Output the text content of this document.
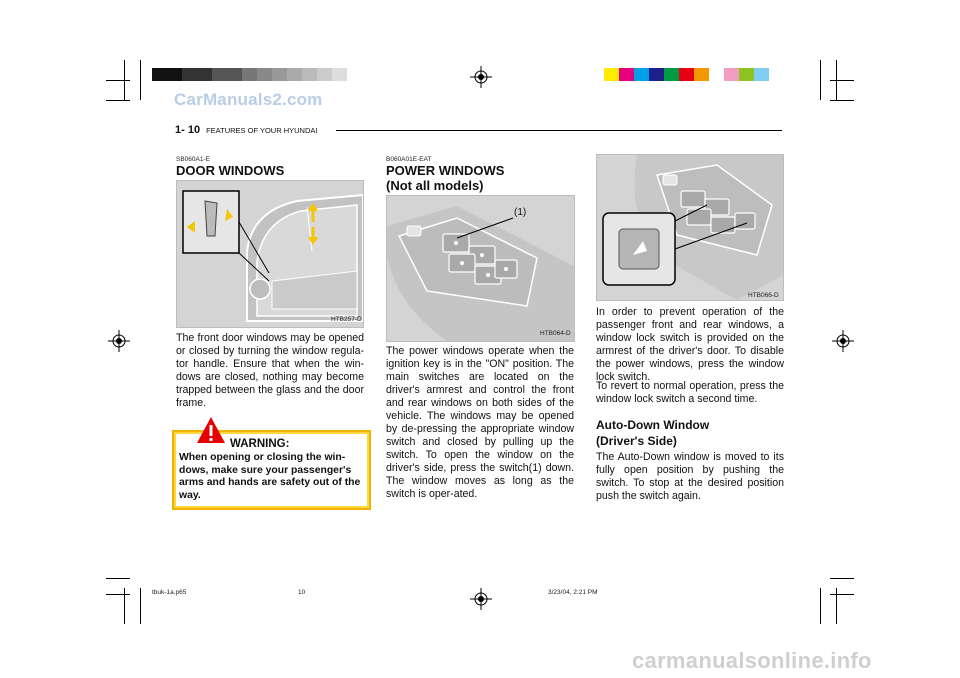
CarManuals2.com
carmanualsonline.info
1- 10 FEATURES OF YOUR HYUNDAI
SB060A1-E
DOOR WINDOWS
HTB257-D
The front door windows may be opened or closed by turning the window regula-tor handle. Ensure that when the win-dows are closed, nothing may become trapped between the glass and the door frame.
WARNING:
When opening or closing the win-dows, make sure your passenger's arms and hands are safety out of the way.
B060A01E-EAT
POWER WINDOWS
(Not all models)
(1)
HTB064-D
The power windows operate when the ignition key is in the "ON" position. The main switches are located on the driver's armrest and control the front and rear windows on both sides of the vehicle. The windows may be opened by de-pressing the appropriate window switch and closed by pulling up the switch. To open the window on the driver's side, press the switch(1) down. The window moves as long as the switch is oper-ated.
HTB066-D
In order to prevent operation of the passenger front and rear windows, a window lock switch is provided on the armrest of the driver's door. To disable the power windows, press the window lock switch.
To revert to normal operation, press the window lock switch a second time.
Auto-Down Window
(Driver's Side)
The Auto-Down window is moved to its fully open position by pushing the switch. To stop at the desired position push the switch again.
tbuk-1a.p65	10	3/23/04, 2:21 PM
